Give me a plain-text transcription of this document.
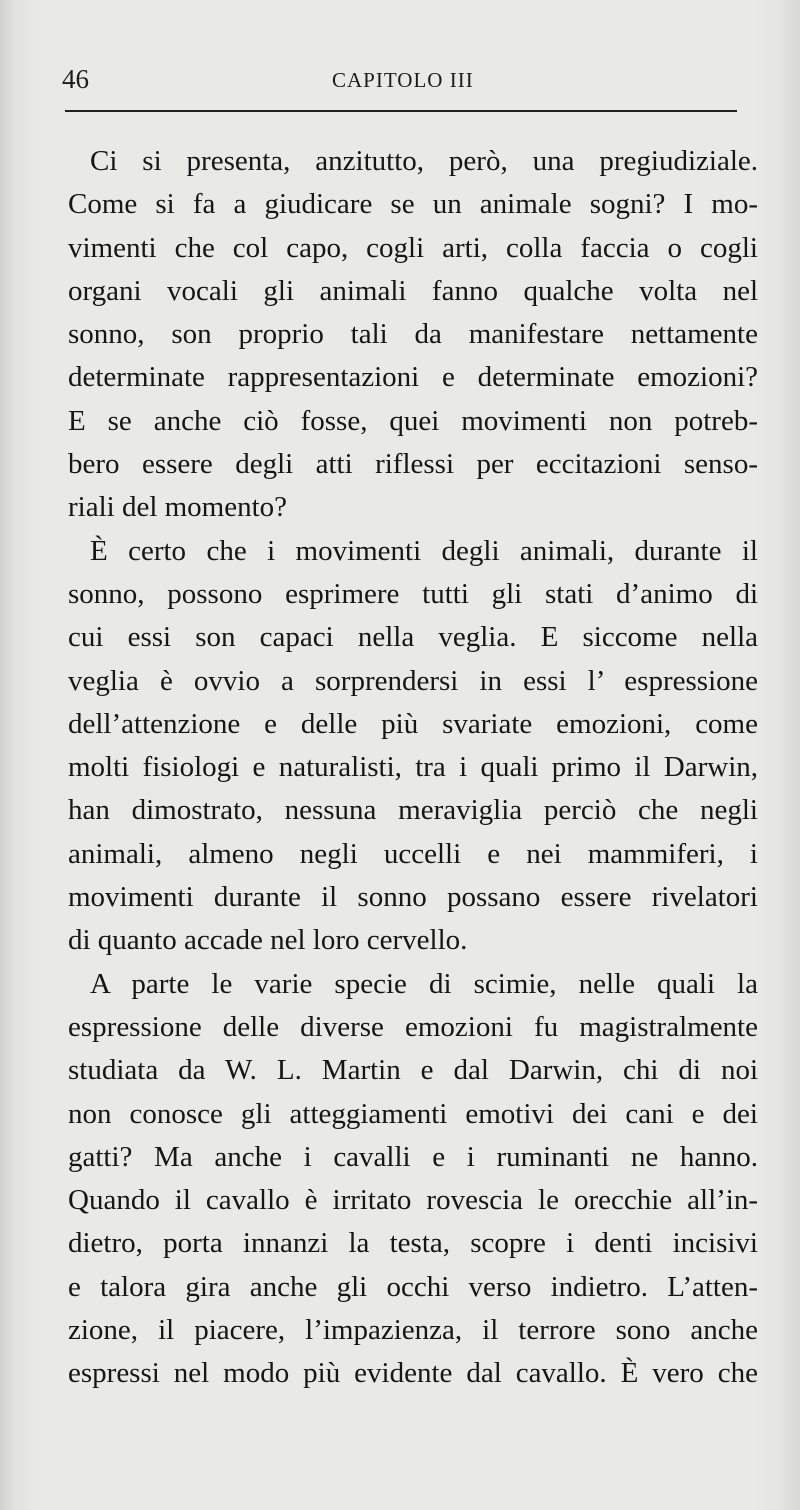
46	CAPITOLO III
Ci si presenta, anzitutto, però, una pregiudiziale.
Come si fa a giudicare se un animale sogni? I mo-
vimenti che col capo, cogli arti, colla faccia o cogli
organi vocali gli animali fanno qualche volta nel
sonno, son proprio tali da manifestare nettamente
determinate rappresentazioni e determinate emozioni?
E se anche ciò fosse, quei movimenti non potreb-
bero essere degli atti riflessi per eccitazioni senso-
riali del momento?
È certo che i movimenti degli animali, durante il
sonno, possono esprimere tutti gli stati d’animo di
cui essi son capaci nella veglia. E siccome nella
veglia è ovvio a sorprendersi in essi l’ espressione
dell’attenzione e delle più svariate emozioni, come
molti fisiologi e naturalisti, tra i quali primo il Darwin,
han dimostrato, nessuna meraviglia perciò che negli
animali, almeno negli uccelli e nei mammiferi, i
movimenti durante il sonno possano essere rivelatori
di quanto accade nel loro cervello.
A parte le varie specie di scimie, nelle quali la
espressione delle diverse emozioni fu magistralmente
studiata da W. L. Martin e dal Darwin, chi di noi
non conosce gli atteggiamenti emotivi dei cani e dei
gatti? Ma anche i cavalli e i ruminanti ne hanno.
Quando il cavallo è irritato rovescia le orecchie all’in-
dietro, porta innanzi la testa, scopre i denti incisivi
e talora gira anche gli occhi verso indietro. L’atten-
zione, il piacere, l’impazienza, il terrore sono anche
espressi nel modo più evidente dal cavallo. È vero che
